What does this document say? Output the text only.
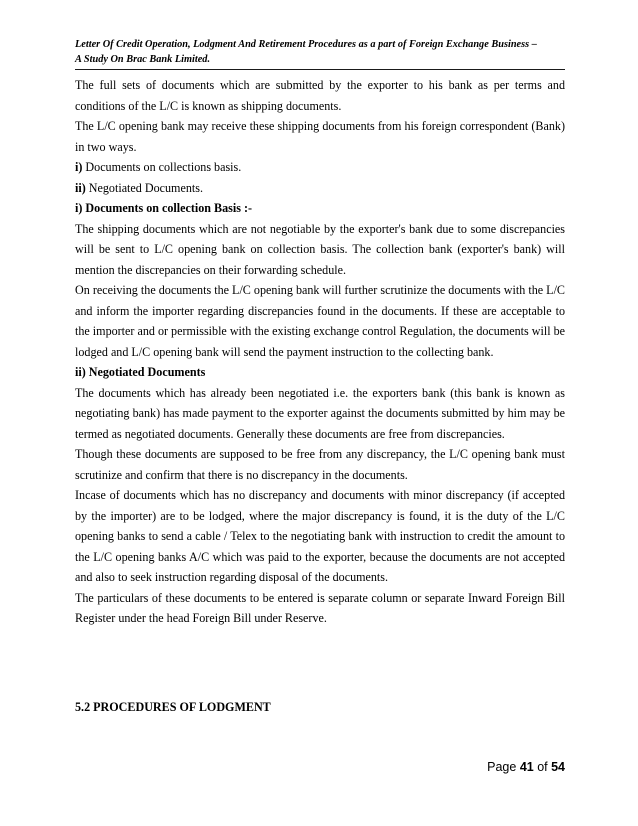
Letter Of Credit Operation, Lodgment And Retirement Procedures as a part of Foreign Exchange Business –
A Study On Brac Bank Limited.

The full sets of documents which are submitted by the exporter to his bank as per terms and conditions of the L/C is known as shipping documents.

The L/C opening bank may receive these shipping documents from his foreign correspondent (Bank) in two ways.

i) Documents on collections basis.

ii) Negotiated Documents.

i) Documents on collection Basis :-

The shipping documents which are not negotiable by the exporter's bank due to some discrepancies will be sent to L/C opening bank on collection basis. The collection bank (exporter's bank) will mention the discrepancies on their forwarding schedule.

On receiving the documents the L/C opening bank will further scrutinize the documents with the L/C and inform the importer regarding discrepancies found in the documents. If these are acceptable to the importer and or permissible with the existing exchange control Regulation, the documents will be lodged and L/C opening bank will send the payment instruction to the collecting bank.

ii) Negotiated Documents

The documents which has already been negotiated i.e. the exporters bank (this bank is known as negotiating bank) has made payment to the exporter against the documents submitted by him may be termed as negotiated documents. Generally these documents are free from discrepancies.

Though these documents are supposed to be free from any discrepancy, the L/C opening bank must scrutinize and confirm that there is no discrepancy in the documents.

Incase of documents which has no discrepancy and documents with minor discrepancy (if accepted by the importer) are to be lodged, where the major discrepancy is found, it is the duty of the L/C opening banks to send a cable / Telex to the negotiating bank with instruction to credit the amount to the L/C opening banks A/C which was paid to the exporter, because the documents are not accepted and also to seek instruction regarding disposal of the documents.

The particulars of these documents to be entered is separate column or separate Inward Foreign Bill Register under the head Foreign Bill under Reserve.

5.2 PROCEDURES OF LODGMENT
Page 41 of 54
